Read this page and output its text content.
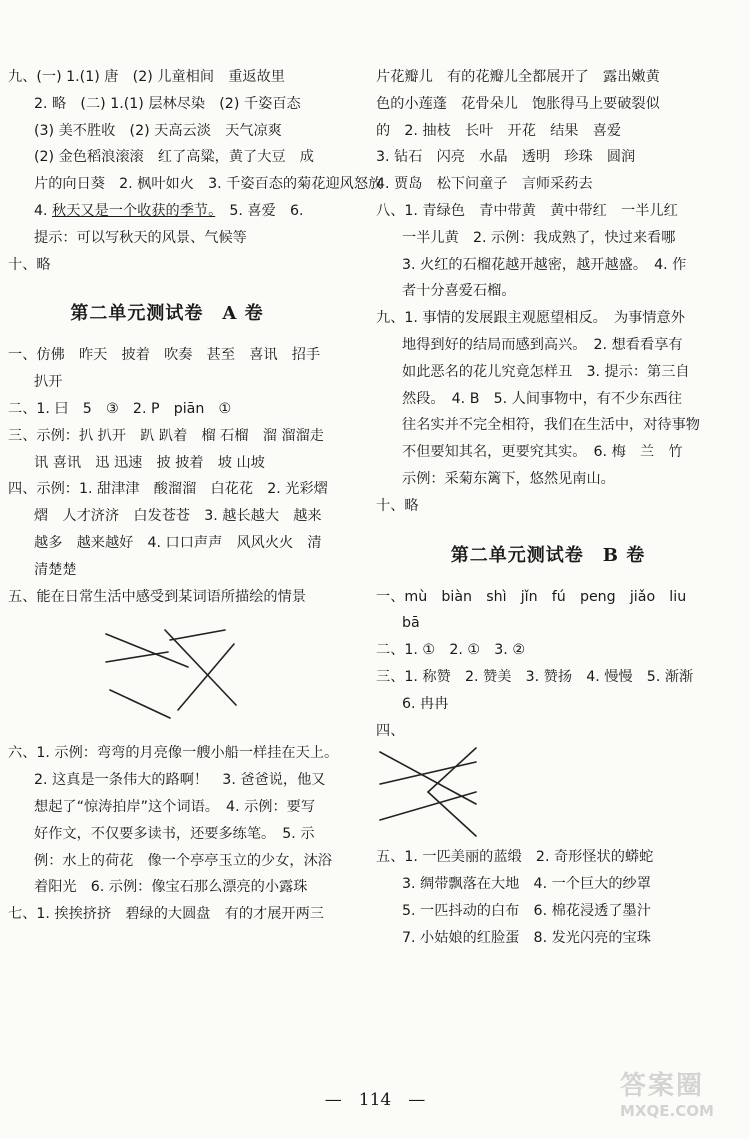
九、(一) 1.(1) 唐　(2) 儿童相间　重返故里
2. 略　(二) 1.(1) 层林尽染　(2) 千姿百态
(3) 美不胜收　(2) 天高云淡　天气凉爽
(2) 金色稻浪滚滚　红了高粱，黄了大豆　成
片的向日葵　2. 枫叶如火　3. 千姿百态的菊花迎风怒放
4. 秋天又是一个收获的季节。　5. 喜爱　6.
提示：可以写秋天的风景、气候等
十、略
第二单元测试卷　A 卷
一、仿佛　昨天　披着　吹奏　甚至　喜讯　招手
扒开
二、1. 曰　5　③　2. P　piān　①
三、示例：扒 扒开　趴 趴着　榴 石榴　溜 溜溜走
讯 喜讯　迅 迅速　披 披着　坡 山坡
四、示例：1. 甜津津　酸溜溜　白花花　2. 光彩熠
熠　人才济济　白发苍苍　3. 越长越大　越来
越多　越来越好　4. 口口声声　风风火火　清
清楚楚
五、能在日常生活中感受到某词语所描绘的情景
六、1. 示例：弯弯的月亮像一艘小船一样挂在天上。
2. 这真是一条伟大的路啊！　3. 爸爸说，他又
想起了“惊涛拍岸”这个词语。　4. 示例：要写
好作文，不仅要多读书，还要多练笔。　5. 示
例：水上的荷花　像一个亭亭玉立的少女，沐浴
着阳光　6. 示例：像宝石那么漂亮的小露珠
七、1. 挨挨挤挤　碧绿的大圆盘　有的才展开两三
片花瓣儿　有的花瓣儿全都展开了　露出嫩黄
色的小莲蓬　花骨朵儿　饱胀得马上要破裂似
的　2. 抽枝　长叶　开花　结果　喜爱
3. 钻石　闪亮　水晶　透明　珍珠　圆润
4. 贾岛　松下问童子　言师采药去
八、1. 青绿色　青中带黄　黄中带红　一半儿红
一半儿黄　2. 示例：我成熟了，快过来看哪
3. 火红的石榴花越开越密，越开越盛。　4. 作
者十分喜爱石榴。
九、1. 事情的发展跟主观愿望相反。　为事情意外
地得到好的结局而感到高兴。　2. 想看看享有
如此恶名的花儿究竟怎样丑　3. 提示：第三自
然段。　4. B　5. 人间事物中，有不少东西往
往名实并不完全相符，我们在生活中，对待事物
不但要知其名，更要究其实。　6. 梅　兰　竹
示例：采菊东篱下，悠然见南山。
十、略
第二单元测试卷　B 卷
一、mù　biàn　shì　jǐn　fú　peng　jiǎo　liu
bā
二、1. ①　2. ①　3. ②
三、1. 称赞　2. 赞美　3. 赞扬　4. 慢慢　5. 渐渐
6. 冉冉
四、
五、1. 一匹美丽的蓝缎　2. 奇形怪状的蟒蛇
3. 绸带飘落在大地　4. 一个巨大的纱罩
5. 一匹抖动的白布　6. 棉花浸透了墨汁
7. 小姑娘的红脸蛋　8. 发光闪亮的宝珠
—　114　—	答案圈
MXQE.COM
